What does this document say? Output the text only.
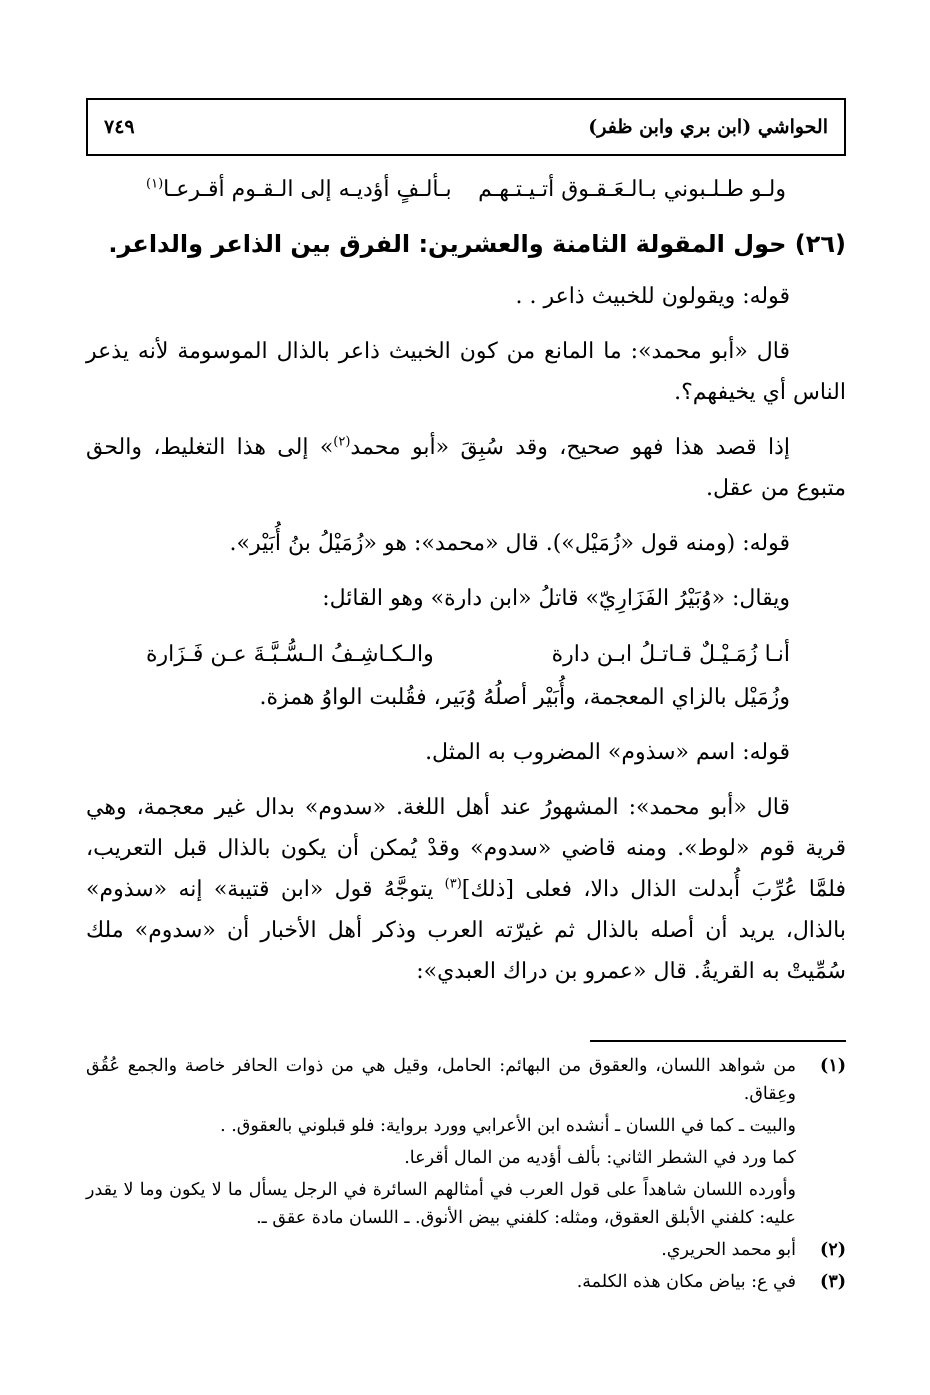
الحواشي (ابن بري وابن ظفر)
٧٤٩
ولـو طـلـبوني بـالـعَـقـوق أتـيـتـهـم
بـألـفٍ أؤديـه إلى الـقـوم أقـرعـا$^{(١)}$
(٢٦) حول المقولة الثامنة والعشرين: الفرق بين الذاعر والداعر.

قوله: ويقولون للخبيث ذاعر . .

قال «أبو محمد»: ما المانع من كون الخبيث ذاعر بالذال الموسومة لأنه يذعر الناس أي يخيفهم؟.

إذا قصد هذا فهو صحيح، وقد سُبِقَ «أبو محمد$^{(٢)}$» إلى هذا التغليط، والحق متبوع من عقل.

قوله: (ومنه قول «زُمَيْل»). قال «محمد»: هو «زُمَيْلُ بنُ أُبَيْر».

ويقال: «وُبَيْرُ الفَزَارِيّ» قاتلُ «ابن دارة» وهو القائل:

أنـا زُمَـيْـلٌ قـاتـلُ ابـن دارة
والـكـاشِـفُ الـسُّـبَّـةَ عـن فَـزَارة

وزُمَيْل بالزاي المعجمة، وأُبَيْر أصلُهُ وُبَير، فقُلبت الواوُ همزة.

قوله: اسم «سذوم» المضروب به المثل.

قال «أبو محمد»: المشهورُ عند أهل اللغة. «سدوم» بدال غير معجمة، وهي قرية قوم «لوط». ومنه قاضي «سدوم» وقدْ يُمكن أن يكون بالذال قبل التعريب، فلمَّا عُرِّبَ أُبدلت الذال دالا، فعلى [ذلك]$^{(٣)}$ يتوجَّهُ قول «ابن قتيبة» إنه «سذوم» بالذال، يريد أن أصله بالذال ثم غيرّته العرب وذكر أهل الأخبار أن «سدوم» ملك سُمِّيتْ به القريةُ. قال «عمرو بن دراك العبدي»:

(١)
من شواهد اللسان، والعقوق من البهائم: الحامل، وقيل هي من ذوات الحافر خاصة والجمع عُقُق وعِقاق.
والبيت ـ كما في اللسان ـ أنشده ابن الأعرابي وورد برواية: فلو قبلوني بالعقوق. .
كما ورد في الشطر الثاني: بألف أؤديه من المال أقرعا.
وأورده اللسان شاهداً على قول العرب في أمثالهم السائرة في الرجل يسأل ما لا يكون وما لا يقدر عليه: كلفني الأبلق العقوق، ومثله: كلفني بيض الأنوق. ـ اللسان مادة عقق ـ.
(٢)
أبو محمد الحريري.
(٣)
في ع: بياض مكان هذه الكلمة.
